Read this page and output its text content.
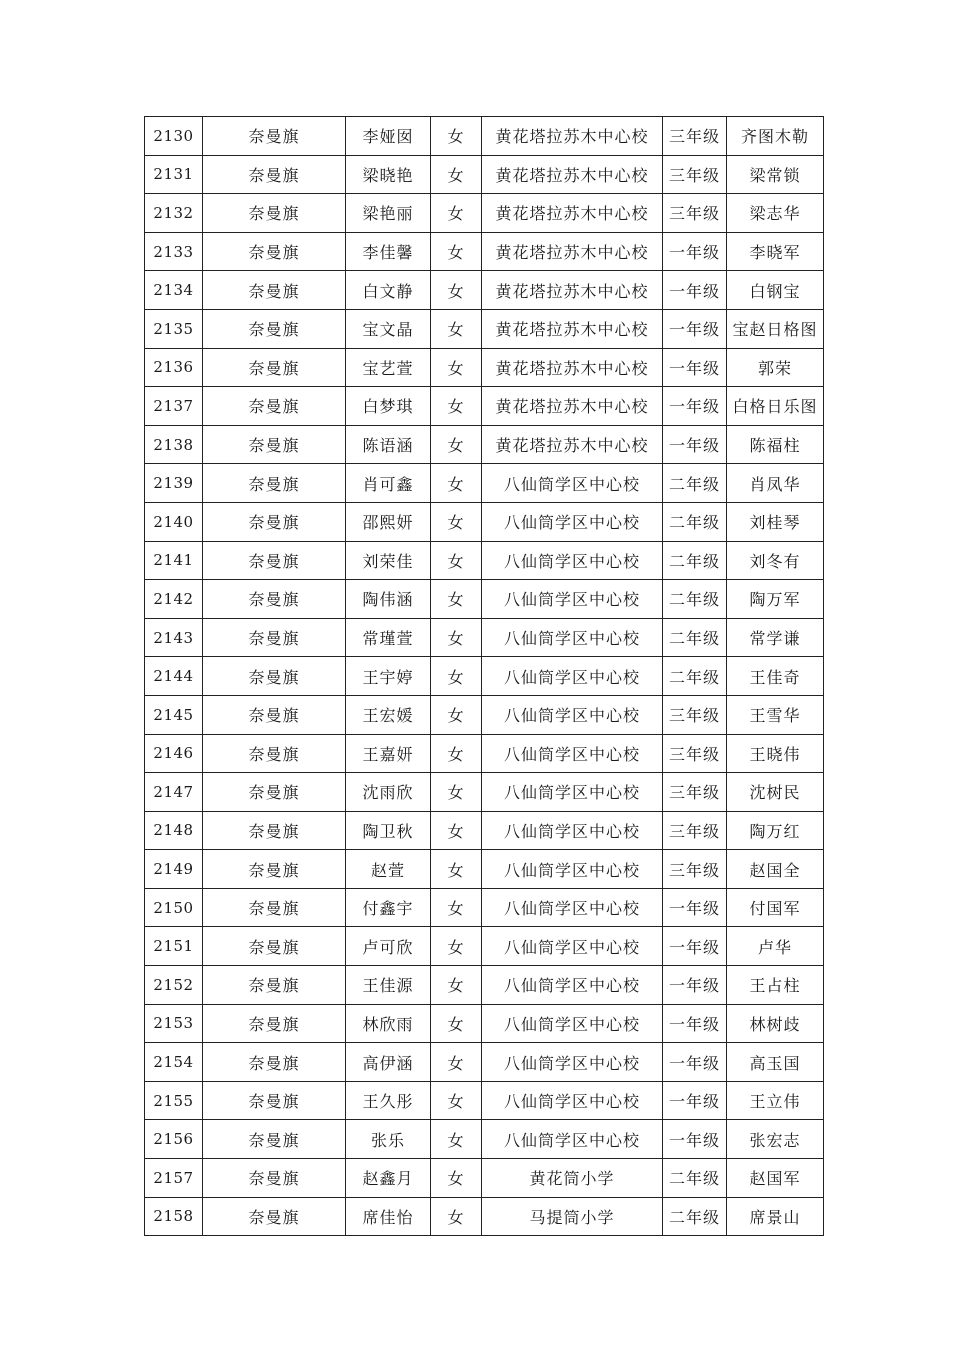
2130	奈曼旗	李娅囡	女	黄花塔拉苏木中心校	三年级	齐图木勒
2131	奈曼旗	梁晓艳	女	黄花塔拉苏木中心校	三年级	梁常锁
2132	奈曼旗	梁艳丽	女	黄花塔拉苏木中心校	三年级	梁志华
2133	奈曼旗	李佳馨	女	黄花塔拉苏木中心校	一年级	李晓军
2134	奈曼旗	白文静	女	黄花塔拉苏木中心校	一年级	白钢宝
2135	奈曼旗	宝文晶	女	黄花塔拉苏木中心校	一年级	宝赵日格图
2136	奈曼旗	宝艺萱	女	黄花塔拉苏木中心校	一年级	郭荣
2137	奈曼旗	白梦琪	女	黄花塔拉苏木中心校	一年级	白格日乐图
2138	奈曼旗	陈语涵	女	黄花塔拉苏木中心校	一年级	陈福柱
2139	奈曼旗	肖可鑫	女	八仙筒学区中心校	二年级	肖凤华
2140	奈曼旗	邵熙妍	女	八仙筒学区中心校	二年级	刘桂琴
2141	奈曼旗	刘荣佳	女	八仙筒学区中心校	二年级	刘冬有
2142	奈曼旗	陶伟涵	女	八仙筒学区中心校	二年级	陶万军
2143	奈曼旗	常瑾萱	女	八仙筒学区中心校	二年级	常学谦
2144	奈曼旗	王宇婷	女	八仙筒学区中心校	二年级	王佳奇
2145	奈曼旗	王宏媛	女	八仙筒学区中心校	三年级	王雪华
2146	奈曼旗	王嘉妍	女	八仙筒学区中心校	三年级	王晓伟
2147	奈曼旗	沈雨欣	女	八仙筒学区中心校	三年级	沈树民
2148	奈曼旗	陶卫秋	女	八仙筒学区中心校	三年级	陶万红
2149	奈曼旗	赵萱	女	八仙筒学区中心校	三年级	赵国全
2150	奈曼旗	付鑫宇	女	八仙筒学区中心校	一年级	付国军
2151	奈曼旗	卢可欣	女	八仙筒学区中心校	一年级	卢华
2152	奈曼旗	王佳源	女	八仙筒学区中心校	一年级	王占柱
2153	奈曼旗	林欣雨	女	八仙筒学区中心校	一年级	林树歧
2154	奈曼旗	高伊涵	女	八仙筒学区中心校	一年级	高玉国
2155	奈曼旗	王久彤	女	八仙筒学区中心校	一年级	王立伟
2156	奈曼旗	张乐	女	八仙筒学区中心校	一年级	张宏志
2157	奈曼旗	赵鑫月	女	黄花筒小学	二年级	赵国军
2158	奈曼旗	席佳怡	女	马提筒小学	二年级	席景山
